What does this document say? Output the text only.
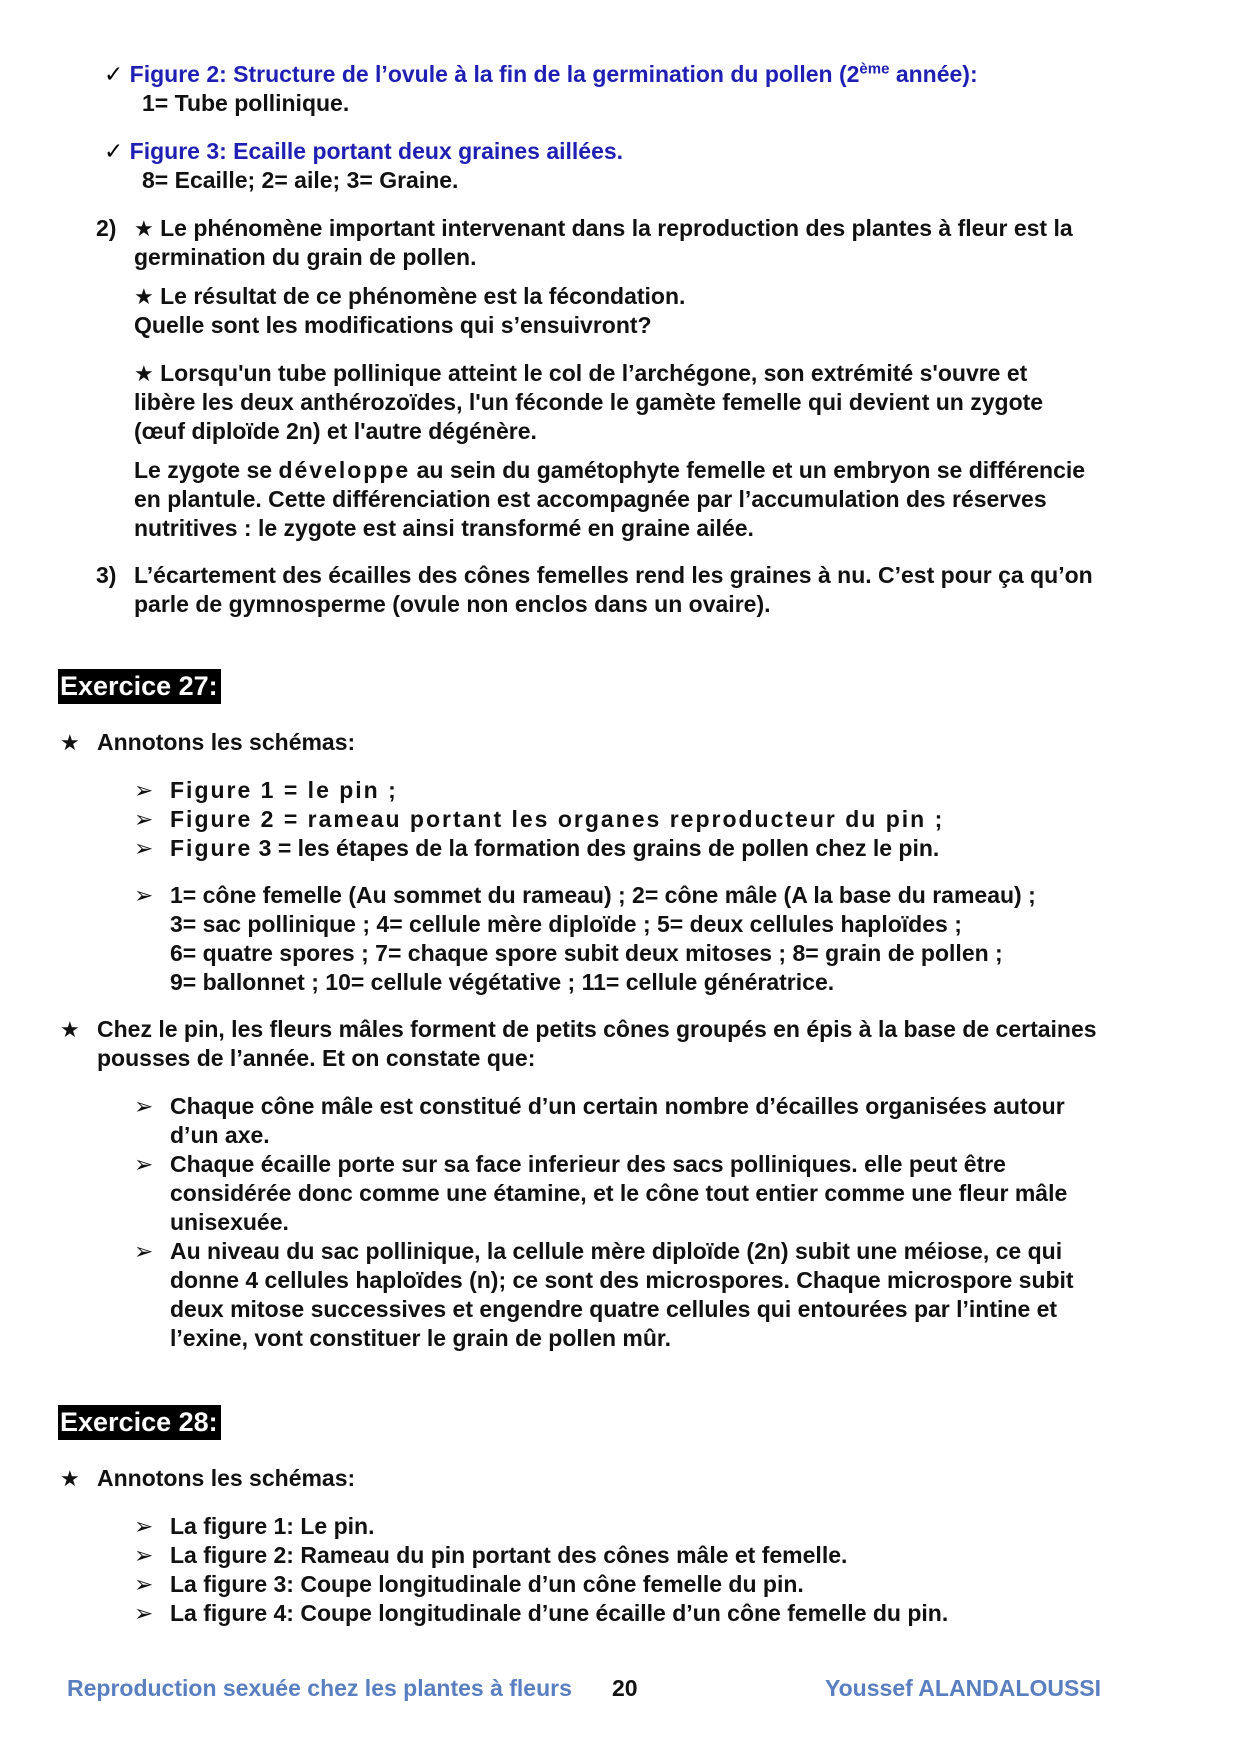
✓ Figure 2: Structure de l’ovule à la fin de la germination du pollen (2ème année):
1= Tube pollinique.
✓ Figure 3: Ecaille portant deux graines aillées.
8= Ecaille; 2= aile; 3= Graine.
2) ★ Le phénomène important intervenant dans la reproduction des plantes à fleur est la
germination du grain de pollen.
★ Le résultat de ce phénomène est la fécondation.
Quelle sont les modifications qui s’ensuivront?
★ Lorsqu'un tube pollinique atteint le col de l’archégone, son extrémité s'ouvre et
libère les deux anthérozoïdes, l'un féconde le gamète femelle qui devient un zygote
(œuf diploïde 2n) et l'autre dégénère.
Le zygote se développe au sein du gamétophyte femelle et un embryon se différencie
en plantule. Cette différenciation est accompagnée par l’accumulation des réserves
nutritives : le zygote est ainsi transformé en graine ailée.
3) L’écartement des écailles des cônes femelles rend les graines à nu. C’est pour ça qu’on
parle de gymnosperme (ovule non enclos dans un ovaire).
Exercice 27:
★ Annotons les schémas:
➢ Figure 1 = le pin ;
➢ Figure 2 = rameau portant les organes reproducteur du pin ;
➢ Figure 3 = les étapes de la formation des grains de pollen chez le pin.
➢ 1= cône femelle (Au sommet du rameau) ; 2= cône mâle (A la base du rameau) ;
3= sac pollinique ; 4= cellule mère diploïde ; 5= deux cellules haploïdes ;
6= quatre spores ; 7= chaque spore subit deux mitoses ; 8= grain de pollen ;
9= ballonnet ; 10= cellule végétative ; 11= cellule génératrice.
★ Chez le pin, les fleurs mâles forment de petits cônes groupés en épis à la base de certaines
pousses de l’année. Et on constate que:
➢ Chaque cône mâle est constitué d’un certain nombre d’écailles organisées autour
d’un axe.
➢ Chaque écaille porte sur sa face inferieur des sacs polliniques. elle peut être
considérée donc comme une étamine, et le cône tout entier comme une fleur mâle
unisexuée.
➢ Au niveau du sac pollinique, la cellule mère diploïde (2n) subit une méiose, ce qui
donne 4 cellules haploïdes (n); ce sont des microspores. Chaque microspore subit
deux mitose successives et engendre quatre cellules qui entourées par l’intine et
l’exine, vont constituer le grain de pollen mûr.
Exercice 28:
★ Annotons les schémas:
➢ La figure 1: Le pin.
➢ La figure 2: Rameau du pin portant des cônes mâle et femelle.
➢ La figure 3: Coupe longitudinale d’un cône femelle du pin.
➢ La figure 4: Coupe longitudinale d’une écaille d’un cône femelle du pin.
Reproduction sexuée chez les plantes à fleurs 20	Youssef ALANDALOUSSI
